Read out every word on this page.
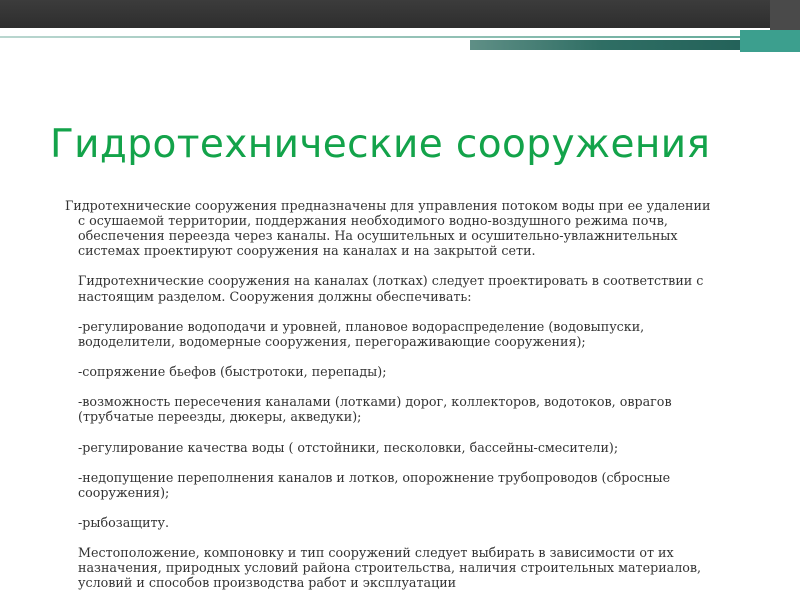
Гидротехнические сооружения

Гидротехнические сооружения предназначены для управления потоком воды при ее удалении с осушаемой территории, поддержания необходимого водно-воздушного режима почв, обеспечения переезда через каналы. На осушительных и осушительно-увлажнительных системах проектируют сооружения на каналах и на закрытой сети.

Гидротехнические сооружения на каналах (лотках) следует проектировать в соответствии с настоящим разделом. Сооружения должны обеспечивать:

-регулирование водоподачи и уровней, плановое водораспределение (водовыпуски, вододелители, водомерные сооружения, перегораживающие сооружения);

-сопряжение бьефов (быстротоки, перепады);

-возможность пересечения каналами (лотками) дорог, коллекторов, водотоков, оврагов (трубчатые переезды, дюкеры, акведуки);

-регулирование качества воды ( отстойники, песколовки, бассейны-смесители);

-недопущение переполнения каналов и лотков, опорожнение трубопроводов (сбросные сооружения);

-рыбозащиту.

Местоположение, компоновку и тип сооружений следует выбирать в зависимости от их назначения, природных условий района строительства, наличия строительных материалов, условий и способов производства работ и эксплуатации
